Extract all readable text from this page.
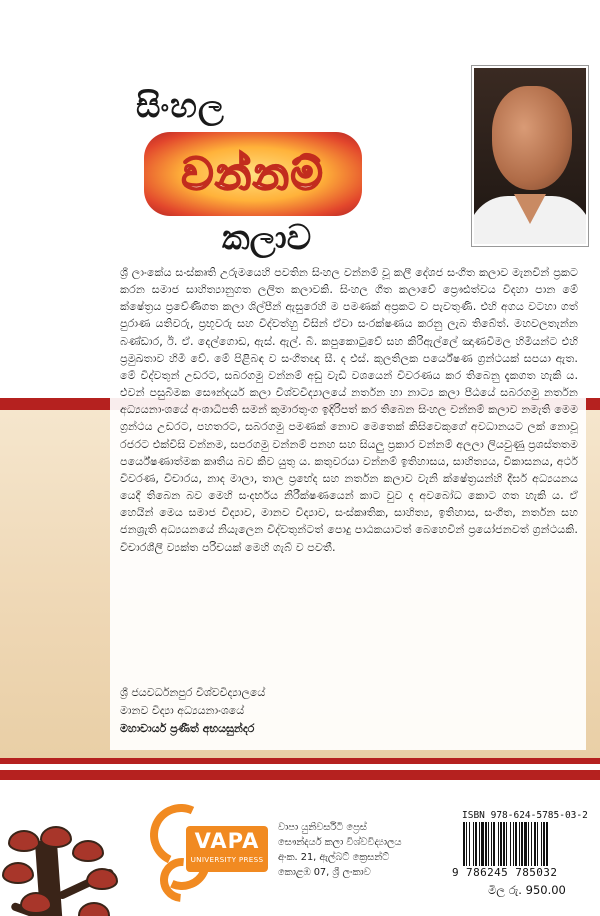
සිංහල
වන්නම්
කලාව

ශ්‍රී ලාංකේය සංස්කෘති උරුමයෙහි පවතින සිංහල වන්නම් වූ කලී දේශජ සංගීත කලාව මැනවින් ප්‍රකට කරන සමාජ සාහිත්‍යානුගත ලලිත කලාවකි. සිංහල ගීත කලාවේ ප්‍රෞඪත්වය විදහා පාන මේ ක්ෂේත්‍රය ප්‍රවේණිගත කලා ශිල්පීන් ඇසුරෙහි ම පමණක් අප්‍රකට ව පැවතුණි. එහි අගය වටහා ගත් පුරාණ යතිවරු, ප්‍රභූවරු සහ විද්වත්හු විසින් ඒවා සංරක්ෂණය කරනු ලැබ තිබේත්. මහවලතැන්න බණ්ඩාර, ඊ. ඒ. දෙල්ගොඩ, ඇස්. ඇල්. බී. කපුකොටුවේ සහ කිරිඇල්ලේ ඤාණවිමල හිමියන්ට එහි ප්‍රමුඛතාව හිමි වේ. මේ පිළිබඳ ව සංගීතඥ සී. ද එස්. කුලතිලක පර්යේෂණ ග්‍රන්ථයක් සපයා ඇත. මේ විද්වතුන් උඩරට, සබරගමු වන්නම් අඩු වැඩි වශයෙන් විවරණය කර තිබෙනු දැකගත හැකි ය. එවන් පසුබිමක සෞන්දර්ය කලා විශ්වවිද්‍යාලයේ නර්තන හා නාට්‍ය කලා පීඨයේ සබරගමු නර්තන අධ්‍යයනාංශයේ අංශාධිපති සමන් කුමාරතුංග ඉදිරිපත් කර තිබෙන සිංහල වන්නම් කලාව නමැති මෙම ග්‍රන්ථය උඩරට, පහතරට, සබරගමු පමණක් නොව මෙතෙක් කිසිවෙකුගේ අවධානයට ලක් නොවූ රජරට එක්විසි වන්නම, සපරගමු වන්නම් පනහ සහ සියලු ප්‍රකාර වන්නම් අලලා ලියවුණු ප්‍රශස්තතම පර්යේෂණාත්මක කෘතිය බව කිව යුතු ය. කතුවරයා වන්නම් ඉතිහාසය, සාහිත්‍යය, විකාසනය, අර්ථ විවරණ, විචාරය, නාද මාලා, තාල ප්‍රභේද සහ නර්තන කලාව වැනි ක්ෂේත්‍රයන්හි දීර්ඝ අධ්‍යයනය යෙදී තිබෙන බව මෙහි සංදර්භය නිරීක්ෂණයෙන් කාට වුව ද අවබෝධ කොට ගත හැකි ය. ඒ හෙයින් මෙය සමාජ විද්‍යාව, මානව විද්‍යාව, සංස්කෘතික, සාහිත්‍ය, ඉතිහාස, සංගීත, නර්තන සහ ජනශ්‍රැති අධ්‍යයනයේ නියැලෙන විද්වතුන්ටත් පොදු පාඨකයාටත් බෙහෙවින් ප්‍රයෝජනවත් ග්‍රන්ථයකි. විචාරශීලී ව්‍යක්ත පරිචයක් මෙහි ගැබ් ව පවතී.

ශ්‍රී ජයවර්ධනපුර විශ්වවිද්‍යාලයේ
මානව විද්‍යා අධ්‍යයනාංශයේ
මහාචාර්ය ප්‍රණීත් අභයසුන්දර
VAPA
UNIVERSITY PRESS
වාපා යුනිවර්සිටි ප්‍රෙස්
සෞන්දර්ය කලා විශ්වවිද්‍යාලය
අංක. 21, ඇල්බට් ක්‍රෙසන්ට්
කොළඹ 07, ශ්‍රී ලංකාව
ISBN 978-624-5785-03-2
9 786245 785032
මිල රු. 950.00
